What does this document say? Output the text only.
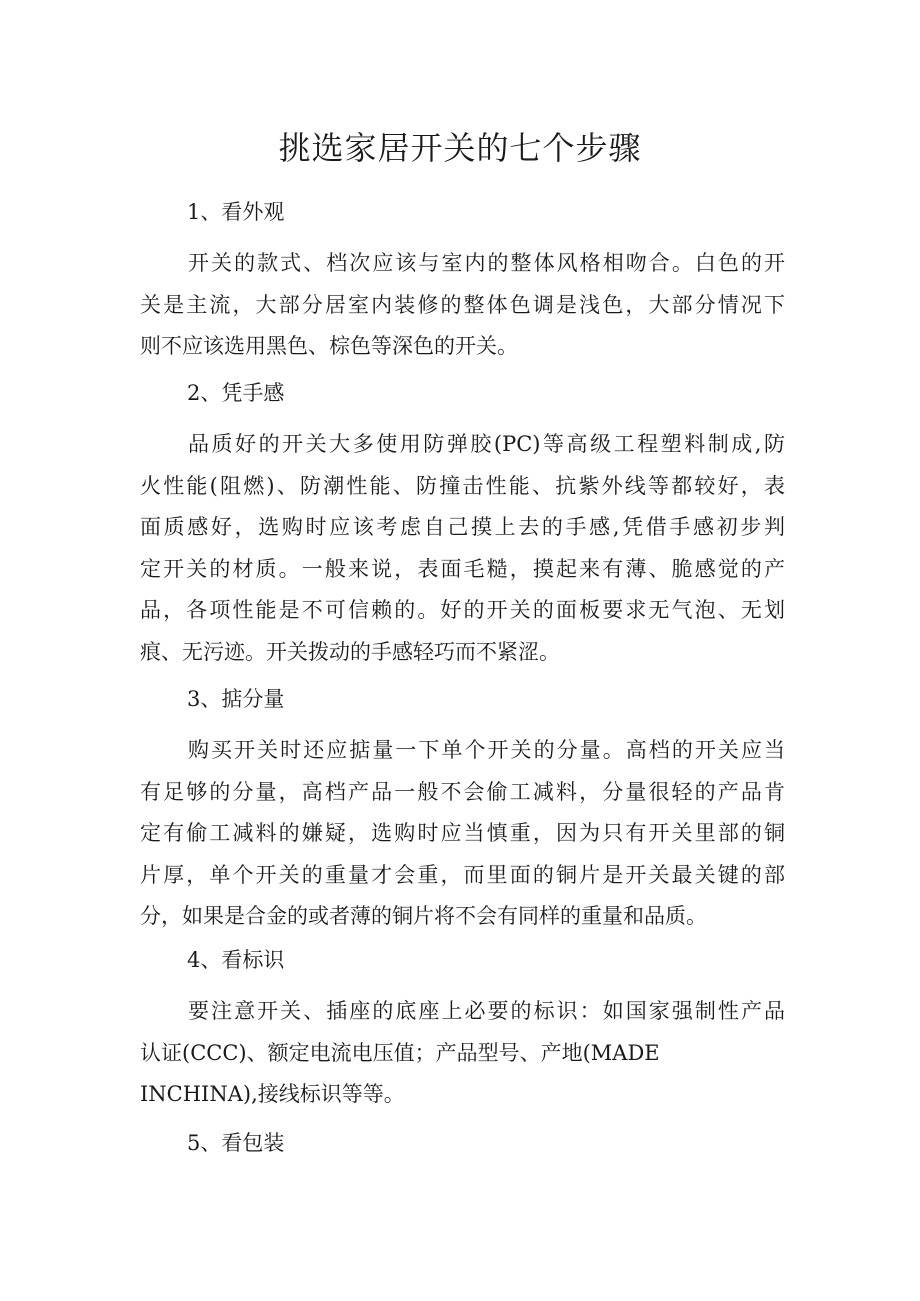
挑选家居开关的七个步骤
1、看外观
开关的款式、档次应该与室内的整体风格相吻合。白色的开
关是主流，大部分居室内装修的整体色调是浅色，大部分情况下
则不应该选用黑色、棕色等深色的开关。
2、凭手感
品质好的开关大多使用防弹胶(PC)等高级工程塑料制成,防
火性能(阻燃)、防潮性能、防撞击性能、抗紫外线等都较好，表
面质感好，选购时应该考虑自己摸上去的手感,凭借手感初步判
定开关的材质。一般来说，表面毛糙，摸起来有薄、脆感觉的产
品，各项性能是不可信赖的。好的开关的面板要求无气泡、无划
痕、无污迹。开关拨动的手感轻巧而不紧涩。
3、掂分量
购买开关时还应掂量一下单个开关的分量。高档的开关应当
有足够的分量，高档产品一般不会偷工减料，分量很轻的产品肯
定有偷工减料的嫌疑，选购时应当慎重，因为只有开关里部的铜
片厚，单个开关的重量才会重，而里面的铜片是开关最关键的部
分，如果是合金的或者薄的铜片将不会有同样的重量和品质。
4、看标识
要注意开关、插座的底座上必要的标识：如国家强制性产品
认证(CCC)、额定电流电压值；产品型号、产地(MADE
INCHINA),接线标识等等。
5、看包装
